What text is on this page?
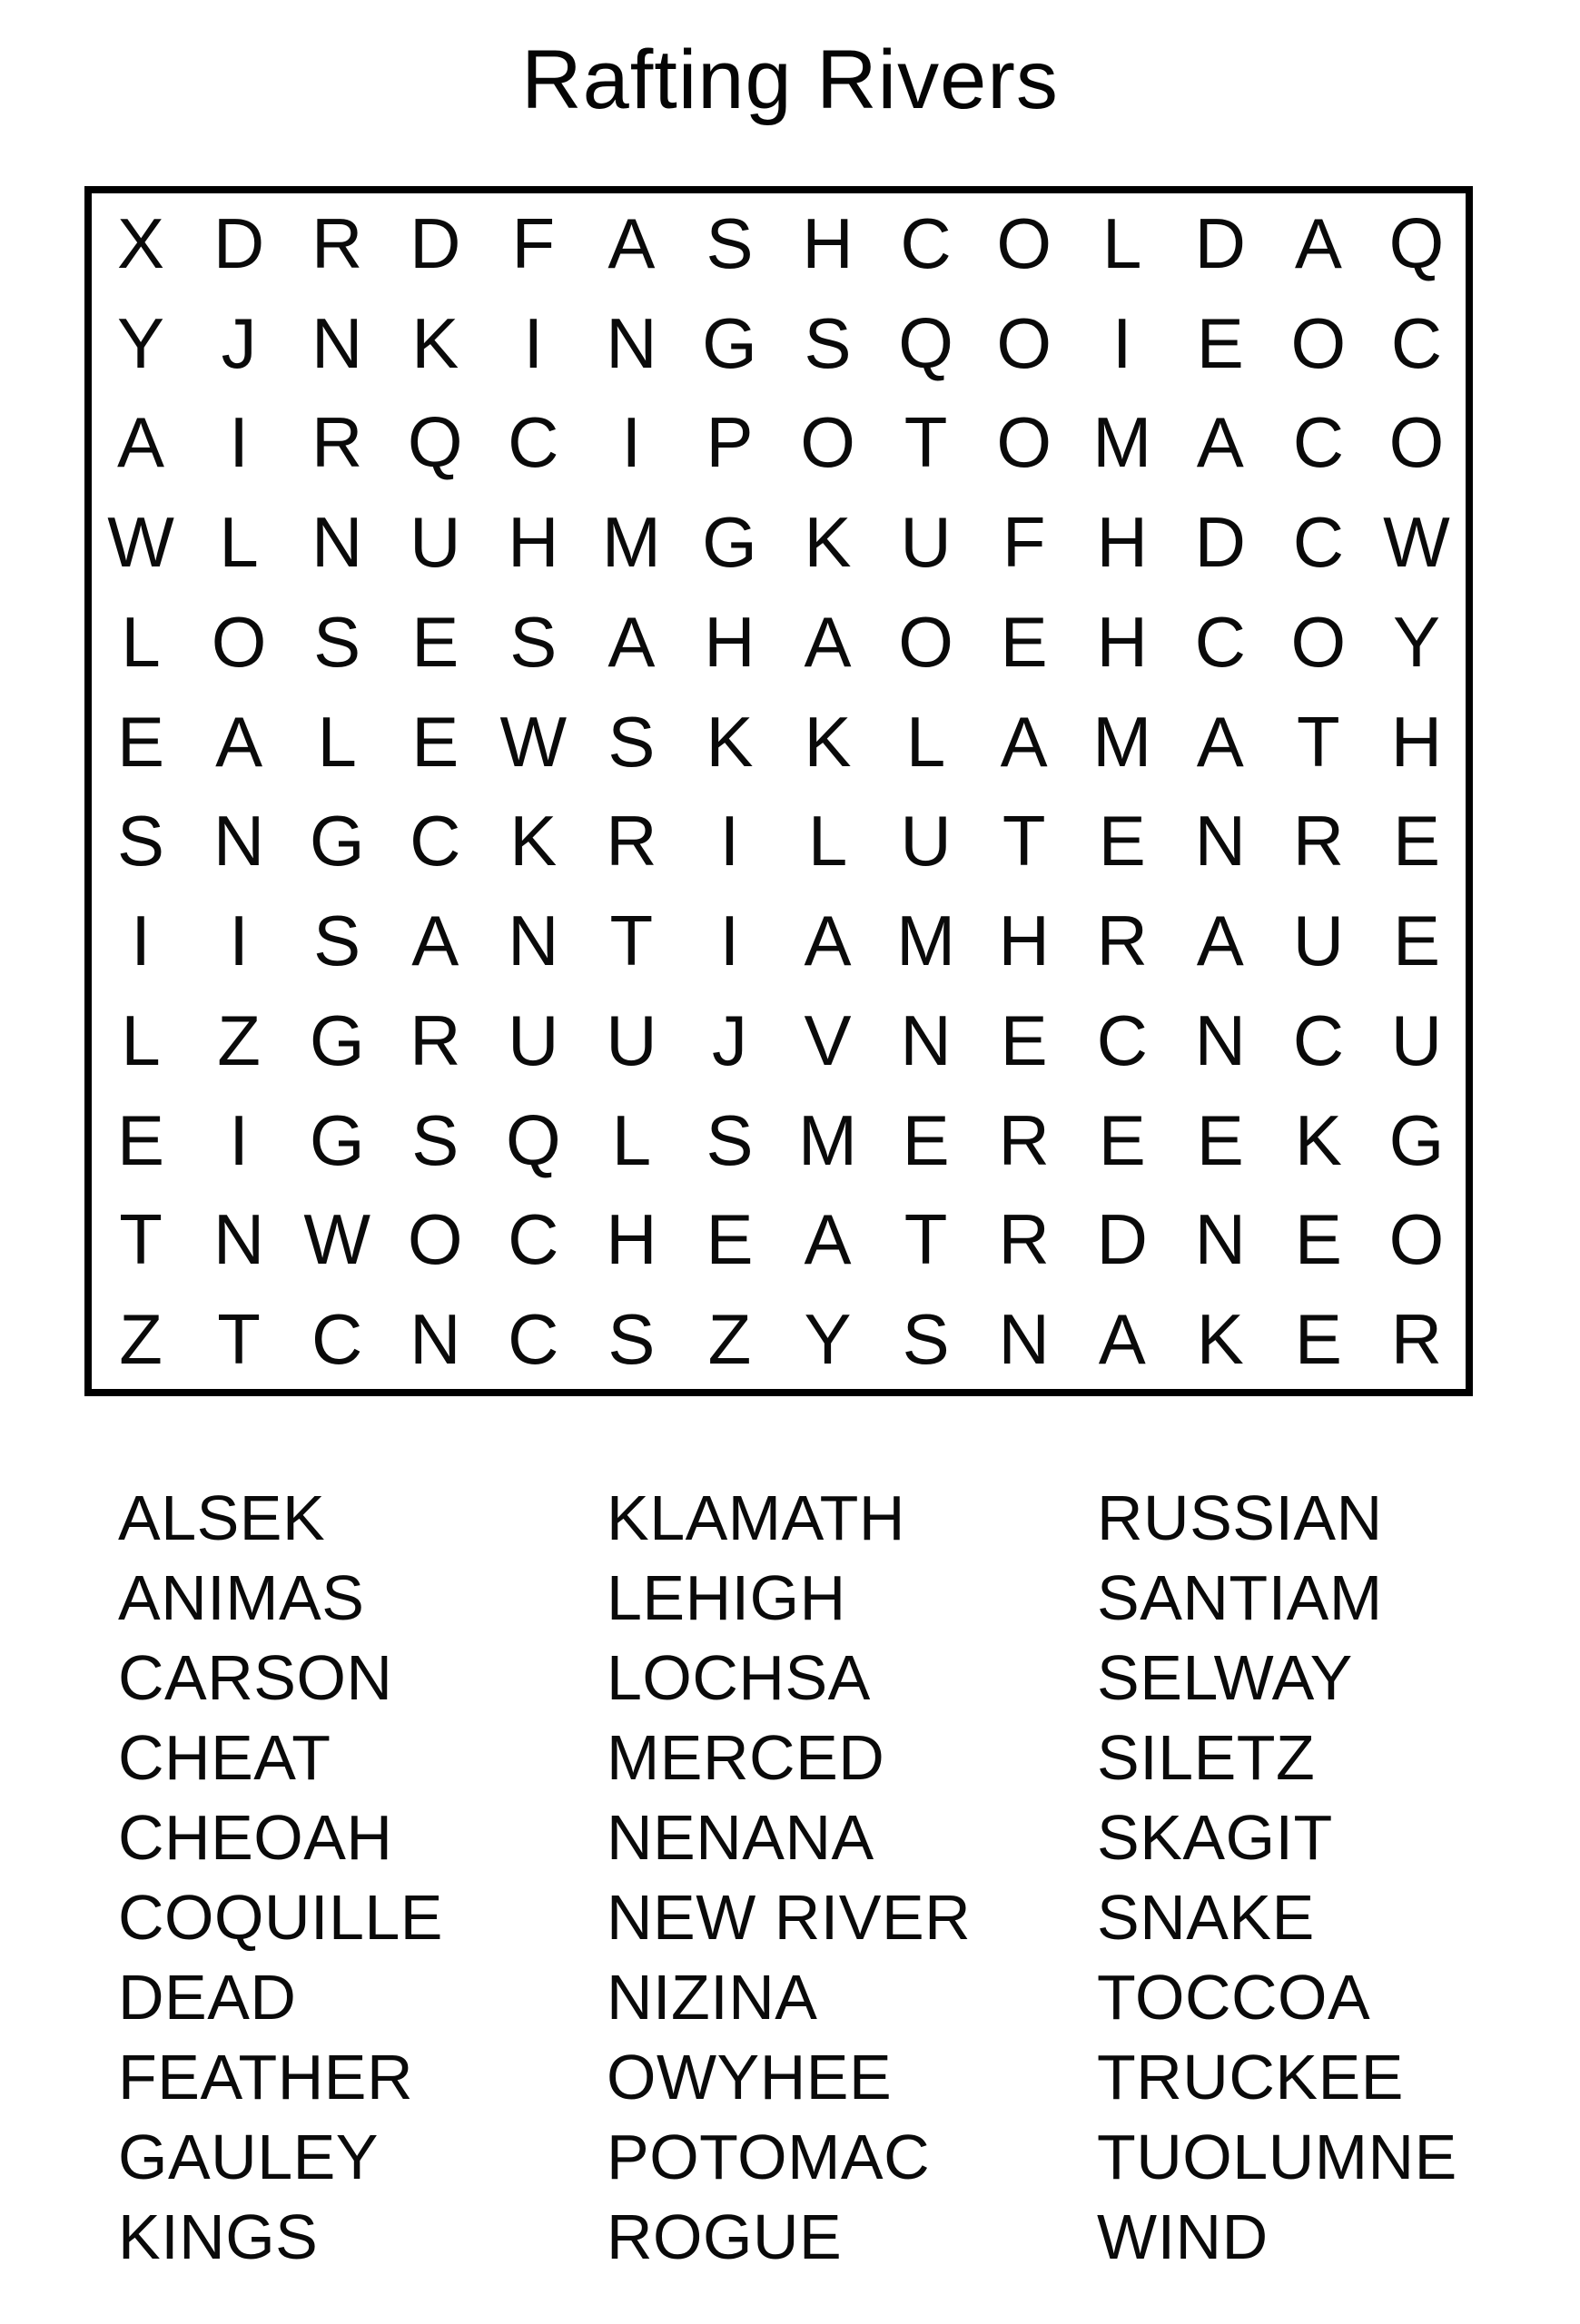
Rafting Rivers
X D R D F A S H C O L D A Q
Y J N K I N G S Q O I E O C
A I R Q C I P O T O M A C O
W L N U H M G K U F H D C W
L O S E S A H A O E H C O Y
E A L E W S K K L A M A T H
S N G C K R I L U T E N R E
I I S A N T I A M H R A U E
L Z G R U U J V N E C N C U
E I G S Q L S M E R E E K G
T N W O C H E A T R D N E O
Z T C N C S Z Y S N A K E R
ALSEK
ANIMAS
CARSON
CHEAT
CHEOAH
COQUILLE
DEAD
FEATHER
GAULEY
KINGS
KLAMATH
LEHIGH
LOCHSA
MERCED
NENANA
NEW RIVER
NIZINA
OWYHEE
POTOMAC
ROGUE
RUSSIAN
SANTIAM
SELWAY
SILETZ
SKAGIT
SNAKE
TOCCOA
TRUCKEE
TUOLUMNE
WIND
